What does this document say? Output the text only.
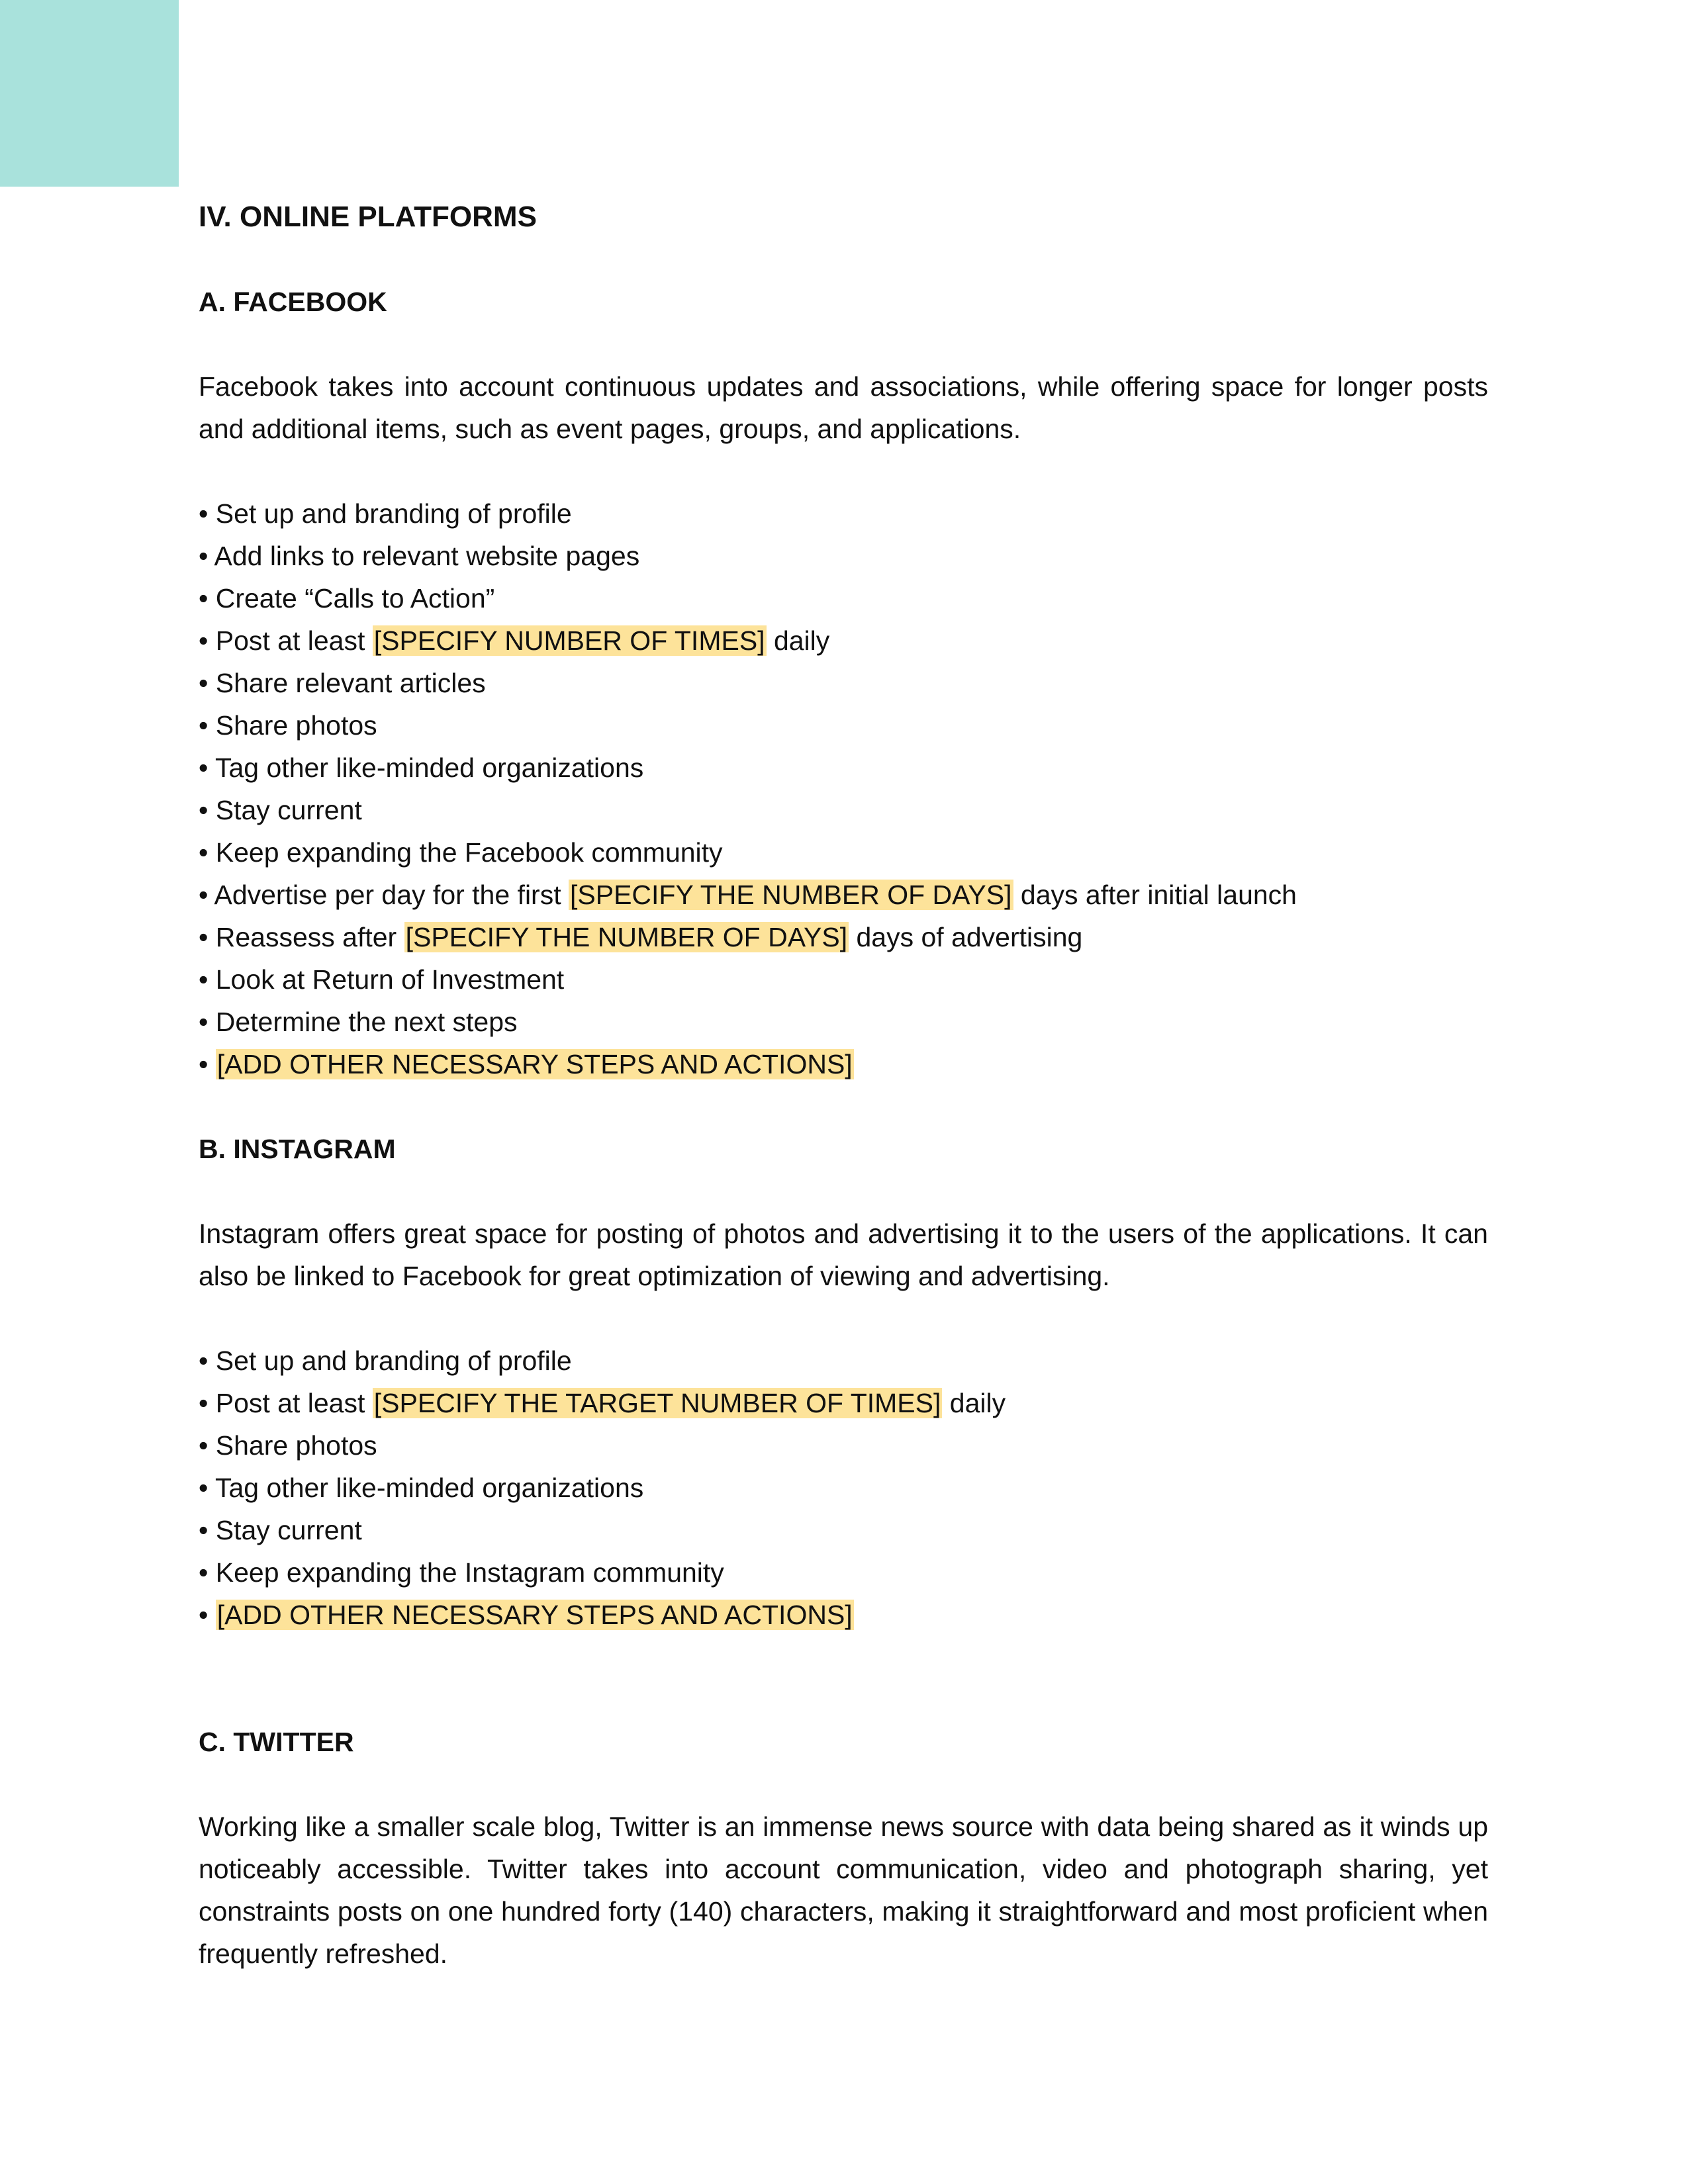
IV. ONLINE PLATFORMS
A. FACEBOOK

Facebook takes into account continuous updates and associations, while offering space for longer posts and additional items, such as event pages, groups, and applications.

• Set up and branding of profile
• Add links to relevant website pages
• Create “Calls to Action”
• Post at least [SPECIFY NUMBER OF TIMES] daily
• Share relevant articles
• Share photos
• Tag other like-minded organizations
• Stay current
• Keep expanding the Facebook community
• Advertise per day for the first [SPECIFY THE NUMBER OF DAYS] days after initial launch
• Reassess after [SPECIFY THE NUMBER OF DAYS] days of advertising
• Look at Return of Investment
• Determine the next steps
• [ADD OTHER NECESSARY STEPS AND ACTIONS]
B. INSTAGRAM

Instagram offers great space for posting of photos and advertising it to the users of the applications. It can also be linked to Facebook for great optimization of viewing and advertising.

• Set up and branding of profile
• Post at least [SPECIFY THE TARGET NUMBER OF TIMES] daily
• Share photos
• Tag other like-minded organizations
• Stay current
• Keep expanding the Instagram community
• [ADD OTHER NECESSARY STEPS AND ACTIONS]
C. TWITTER

Working like a smaller scale blog, Twitter is an immense news source with data being shared as it winds up noticeably accessible. Twitter takes into account communication, video and photograph sharing, yet constraints posts on one hundred forty (140) characters, making it straightforward and most proficient when frequently refreshed.
